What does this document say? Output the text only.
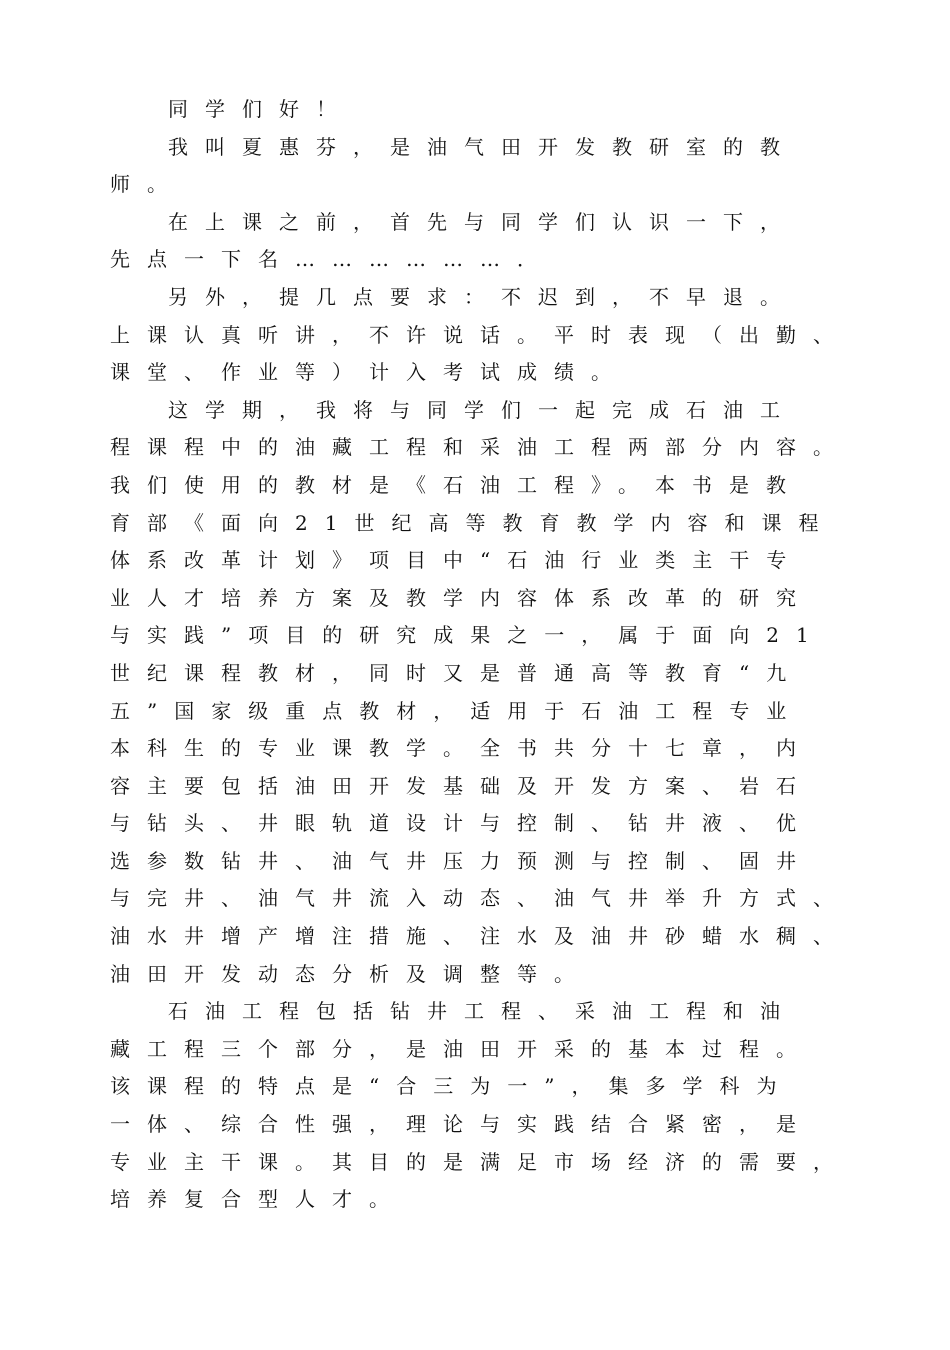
同学们好！
我叫夏惠芬，是油气田开发教研室的教
师。
在上课之前，首先与同学们认识一下，
先点一下名………………．
另外，提几点要求：不迟到，不早退。
上课认真听讲，不许说话。平时表现（出勤、
课堂、作业等）计入考试成绩。
这学期，我将与同学们一起完成石油工
程课程中的油藏工程和采油工程两部分内容。
我们使用的教材是《石油工程》。本书是教
育部《面向21世纪高等教育教学内容和课程
体系改革计划》项目中“石油行业类主干专
业人才培养方案及教学内容体系改革的研究
与实践”项目的研究成果之一，属于面向21
世纪课程教材，同时又是普通高等教育“九
五”国家级重点教材，适用于石油工程专业
本科生的专业课教学。全书共分十七章，内
容主要包括油田开发基础及开发方案、岩石
与钻头、井眼轨道设计与控制、钻井液、优
选参数钻井、油气井压力预测与控制、固井
与完井、油气井流入动态、油气井举升方式、
油水井增产增注措施、注水及油井砂蜡水稠、
油田开发动态分析及调整等。
石油工程包括钻井工程、采油工程和油
藏工程三个部分，是油田开采的基本过程。
该课程的特点是“合三为一”，集多学科为
一体、综合性强，理论与实践结合紧密，是
专业主干课。其目的是满足市场经济的需要，
培养复合型人才。
